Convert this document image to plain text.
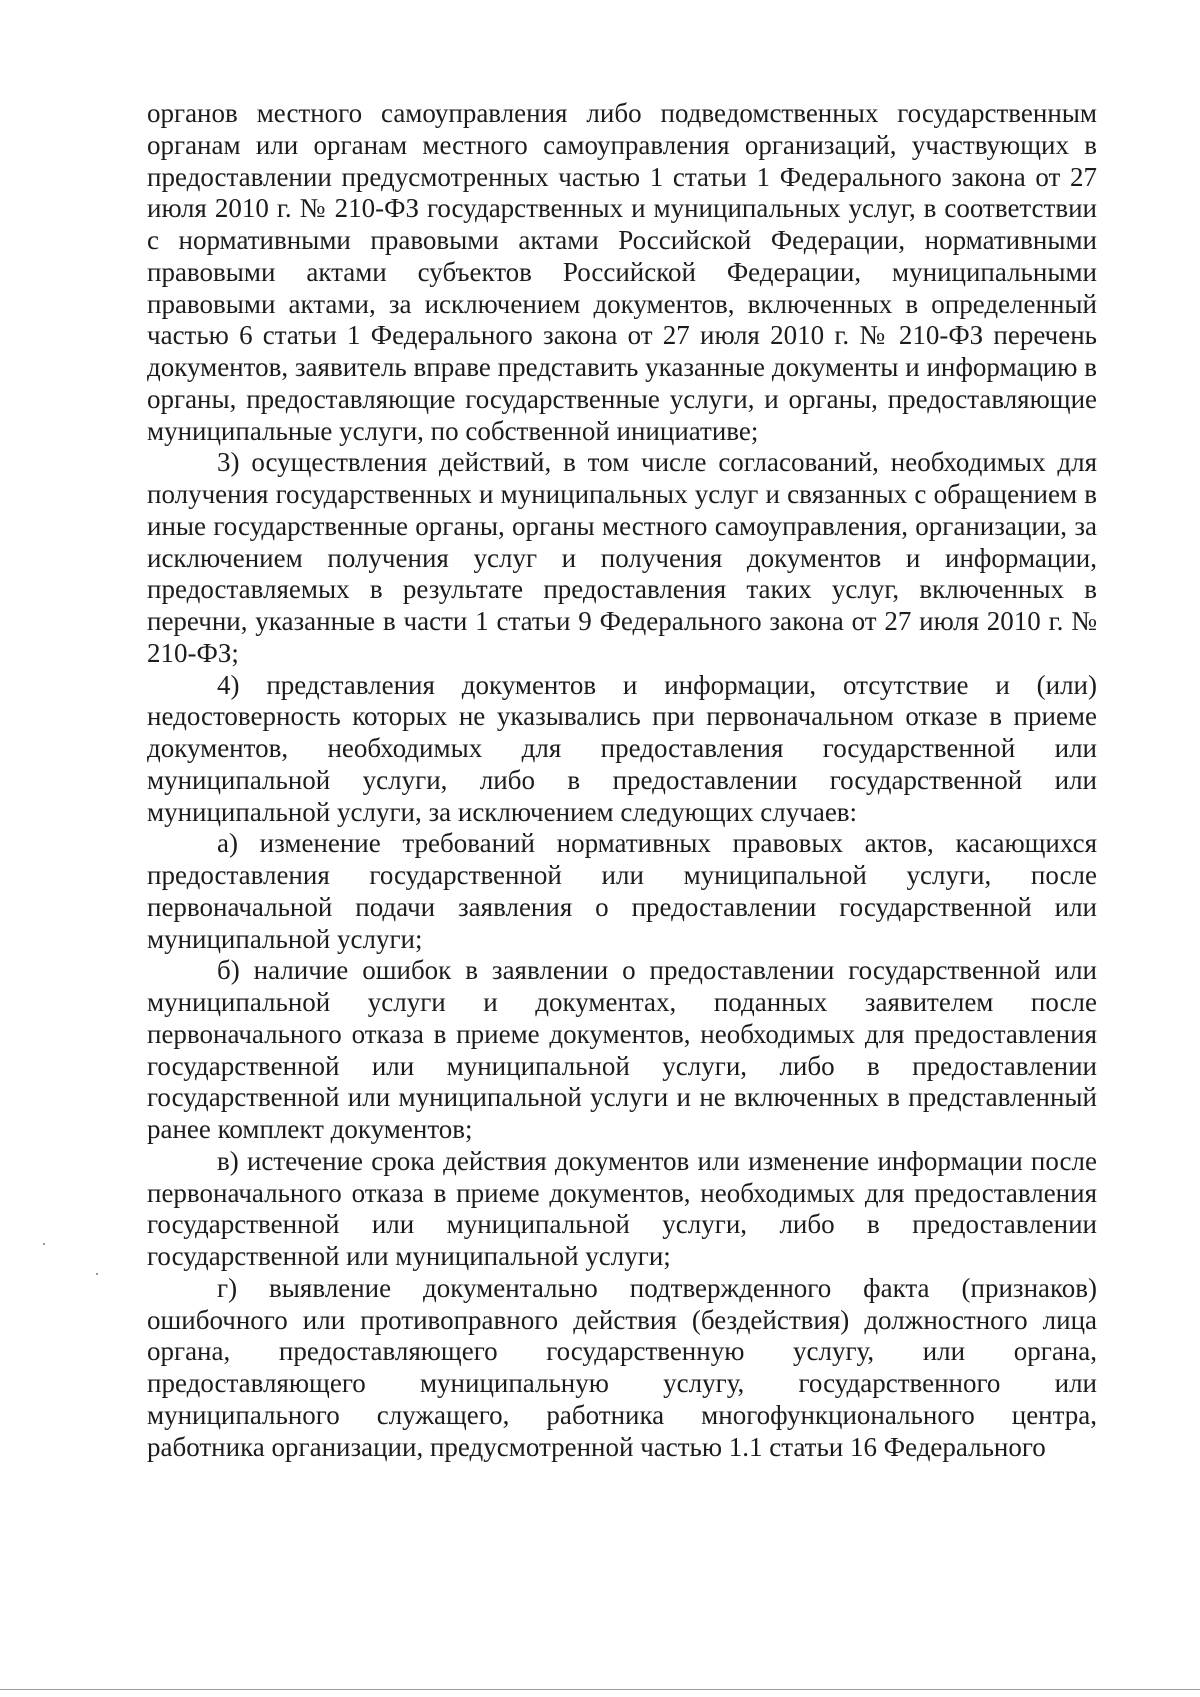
органов местного самоуправления либо подведомственных государственным органам или органам местного самоуправления организаций, участвующих в предоставлении предусмотренных частью 1 статьи 1 Федерального закона от 27 июля 2010 г. № 210-ФЗ государственных и муниципальных услуг, в соответствии с нормативными правовыми актами Российской Федерации, нормативными правовыми актами субъектов Российской Федерации, муниципальными правовыми актами, за исключением документов, включенных в определенный частью 6 статьи 1 Федерального закона от 27 июля 2010 г. № 210-ФЗ перечень документов, заявитель вправе представить указанные документы и информацию в органы, предоставляющие государственные услуги, и органы, предоставляющие муниципальные услуги, по собственной инициативе;

3) осуществления действий, в том числе согласований, необходимых для получения государственных и муниципальных услуг и связанных с обращением в иные государственные органы, органы местного самоуправления, организации, за исключением получения услуг и получения документов и информации, предоставляемых в результате предоставления таких услуг, включенных в перечни, указанные в части 1 статьи 9 Федерального закона от 27 июля 2010 г. № 210-ФЗ;

4) представления документов и информации, отсутствие и (или) недостоверность которых не указывались при первоначальном отказе в приеме документов, необходимых для предоставления государственной или муниципальной услуги, либо в предоставлении государственной или муниципальной услуги, за исключением следующих случаев:

а) изменение требований нормативных правовых актов, касающихся предоставления государственной или муниципальной услуги, после первоначальной подачи заявления о предоставлении государственной или муниципальной услуги;

б) наличие ошибок в заявлении о предоставлении государственной или муниципальной услуги и документах, поданных заявителем после первоначального отказа в приеме документов, необходимых для предоставления государственной или муниципальной услуги, либо в предоставлении государственной или муниципальной услуги и не включенных в представленный ранее комплект документов;

в) истечение срока действия документов или изменение информации после первоначального отказа в приеме документов, необходимых для предоставления государственной или муниципальной услуги, либо в предоставлении государственной или муниципальной услуги;

г) выявление документально подтвержденного факта (признаков) ошибочного или противоправного действия (бездействия) должностного лица органа, предоставляющего государственную услугу, или органа, предоставляющего муниципальную услугу, государственного или муниципального служащего, работника многофункционального центра, работника организации, предусмотренной частью 1.1 статьи 16 Федерального
